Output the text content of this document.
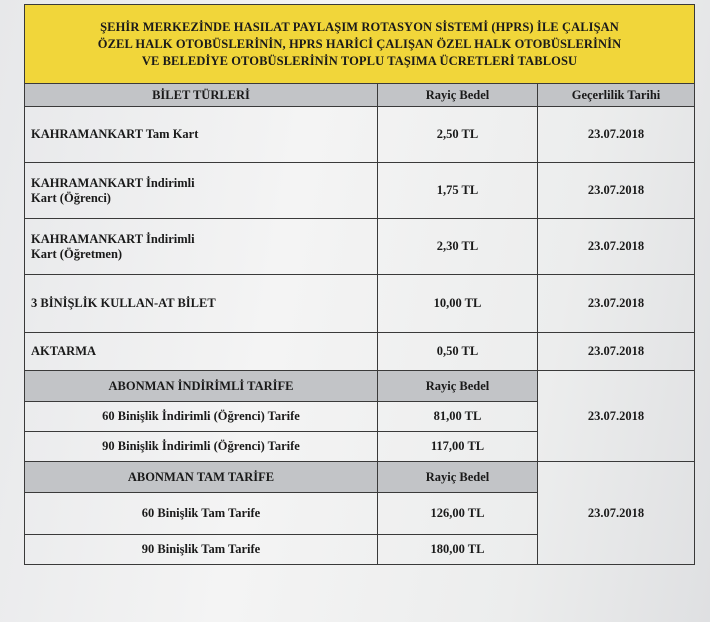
ŞEHİR MERKEZİNDE HASILAT PAYLAŞIM ROTASYON SİSTEMİ (HPRS) İLE ÇALIŞAN
ÖZEL HALK OTOBÜSLERİNİN, HPRS HARİCİ ÇALIŞAN ÖZEL HALK OTOBÜSLERİNİN
VE BELEDİYE OTOBÜSLERİNİN TOPLU TAŞIMA ÜCRETLERİ TABLOSU		

BİLET TÜRLERİ	Rayiç Bedel	Geçerlilik Tarihi

KAHRAMANKART Tam Kart	2,50 TL	23.07.2018

KAHRAMANKART İndirimli
Kart (Öğrenci)	1,75 TL	23.07.2018

KAHRAMANKART İndirimli
Kart (Öğretmen)	2,30 TL	23.07.2018

3 BİNİŞLİK KULLAN-AT BİLET	10,00 TL	23.07.2018

AKTARMA	0,50 TL	23.07.2018
ABONMAN İNDİRİMLİ TARİFE	Rayiç Bedel	23.07.2018
60 Binişlik İndirimli (Öğrenci) Tarife	81,00 TL	
90 Binişlik İndirimli (Öğrenci) Tarife	117,00 TL	
ABONMAN TAM TARİFE	Rayiç Bedel	23.07.2018
60 Binişlik Tam Tarife	126,00 TL	
90 Binişlik Tam Tarife	180,00 TL	
